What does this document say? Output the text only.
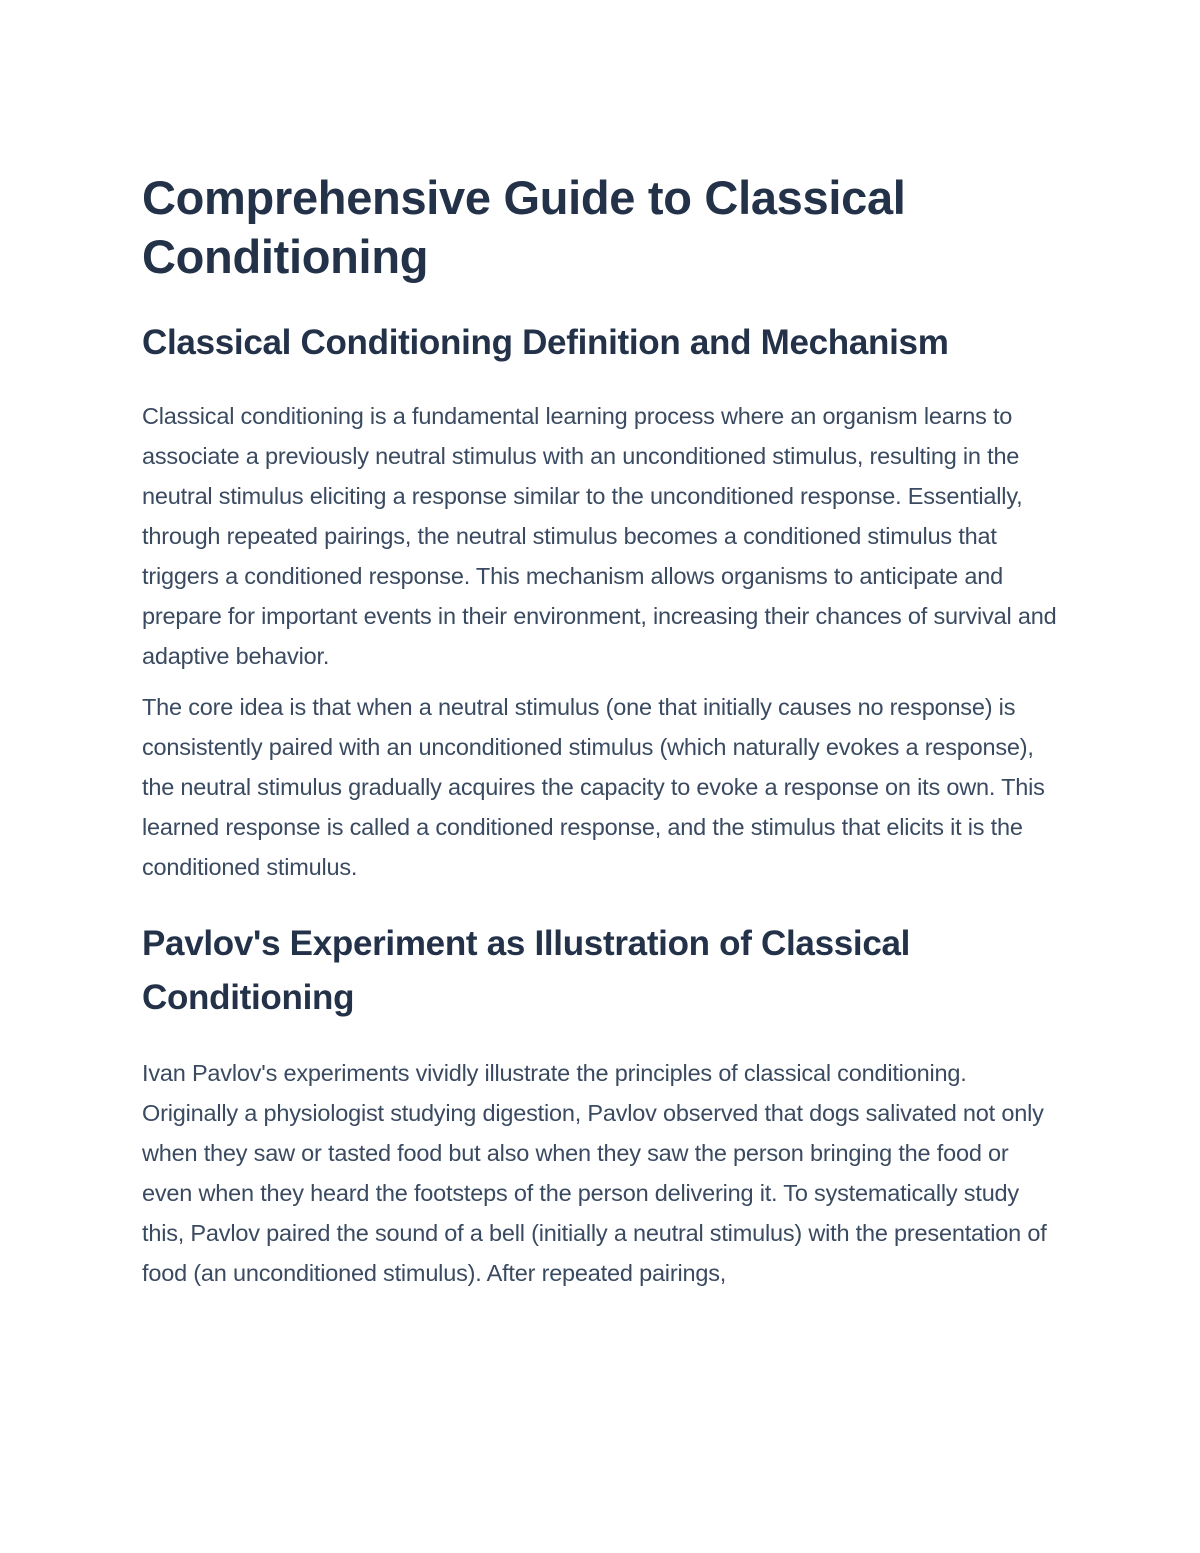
Comprehensive Guide to Classical Conditioning
Classical Conditioning Definition and Mechanism

Classical conditioning is a fundamental learning process where an organism learns to associate a previously neutral stimulus with an unconditioned stimulus, resulting in the neutral stimulus eliciting a response similar to the unconditioned response. Essentially, through repeated pairings, the neutral stimulus becomes a conditioned stimulus that triggers a conditioned response. This mechanism allows organisms to anticipate and prepare for important events in their environment, increasing their chances of survival and adaptive behavior.

The core idea is that when a neutral stimulus (one that initially causes no response) is consistently paired with an unconditioned stimulus (which naturally evokes a response), the neutral stimulus gradually acquires the capacity to evoke a response on its own. This learned response is called a conditioned response, and the stimulus that elicits it is the conditioned stimulus.

Pavlov's Experiment as Illustration of Classical Conditioning

Ivan Pavlov's experiments vividly illustrate the principles of classical conditioning. Originally a physiologist studying digestion, Pavlov observed that dogs salivated not only when they saw or tasted food but also when they saw the person bringing the food or even when they heard the footsteps of the person delivering it. To systematically study this, Pavlov paired the sound of a bell (initially a neutral stimulus) with the presentation of food (an unconditioned stimulus). After repeated pairings,
